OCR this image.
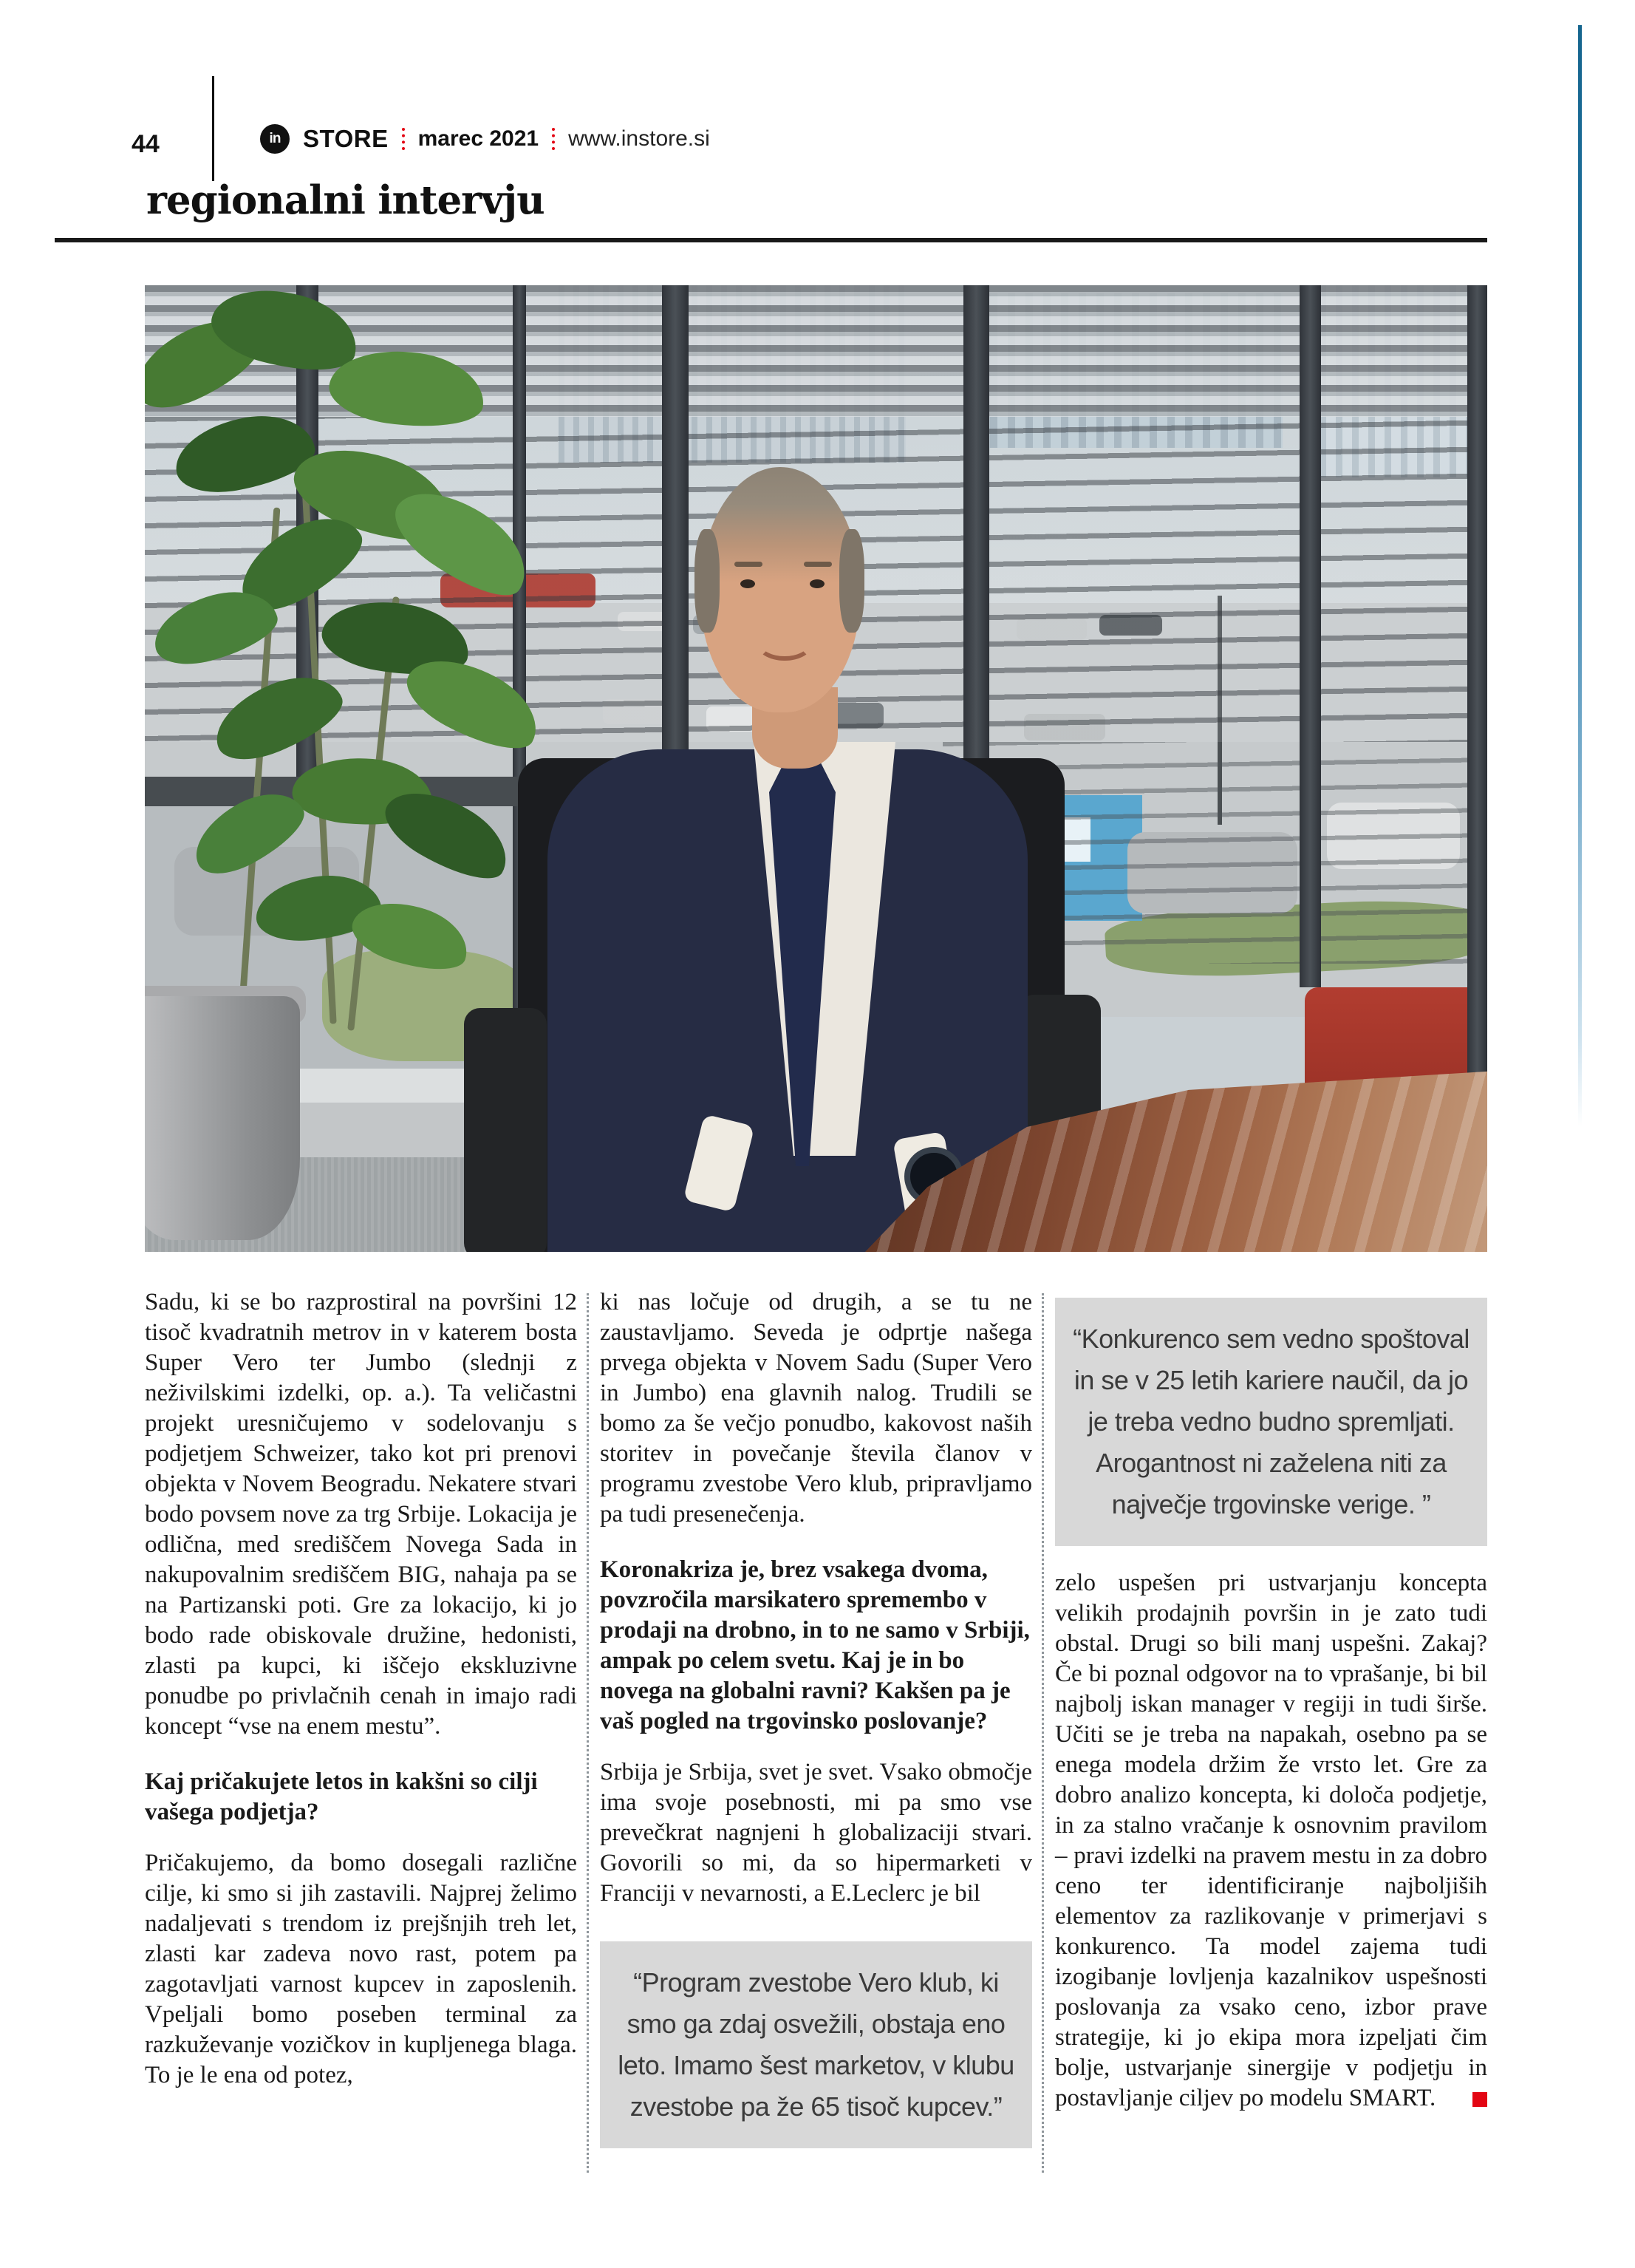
44	in STORE marec 2021 www.instore.si
regionalni intervju

Sadu, ki se bo razprostiral na površini 12 tisoč kvadratnih metrov in v katerem bosta Super Vero ter Jumbo (slednji z neživilskimi izdelki, op. a.). Ta veličastni projekt uresničujemo v sodelovanju s podjetjem Schweizer, tako kot pri prenovi objekta v Novem Beogradu. Nekatere stvari bodo povsem nove za trg Srbije. Lokacija je odlična, med središčem Novega Sada in nakupovalnim središčem BIG, nahaja pa se na Partizanski poti. Gre za lokacijo, ki jo bodo rade obiskovale družine, hedonisti, zlasti pa kupci, ki iščejo ekskluzivne ponudbe po privlačnih cenah in imajo radi koncept “vse na enem mestu”.

Kaj pričakujete letos in kakšni so cilji vašega podjetja?

Pričakujemo, da bomo dosegali različne cilje, ki smo si jih zastavili. Najprej želimo nadaljevati s trendom iz prejšnjih treh let, zlasti kar zadeva novo rast, potem pa zagotavljati varnost kupcev in zaposlenih. Vpeljali bomo poseben terminal za razkuževanje vozičkov in kupljenega blaga. To je le ena od potez,

ki nas ločuje od drugih, a se tu ne zaustavljamo. Seveda je odprtje našega prvega objekta v Novem Sadu (Super Vero in Jumbo) ena glavnih nalog. Trudili se bomo za še večjo ponudbo, kakovost naših storitev in povečanje števila članov v programu zvestobe Vero klub, pripravljamo pa tudi presenečenja.

Koronakriza je, brez vsakega dvoma, povzročila marsikatero spremembo v prodaji na drobno, in to ne samo v Srbiji, ampak po celem svetu. Kaj je in bo novega na globalni ravni? Kakšen pa je vaš pogled na trgovinsko poslovanje?

Srbija je Srbija, svet je svet. Vsako območje ima svoje posebnosti, mi pa smo vse prevečkrat nagnjeni h globalizaciji stvari. Govorili so mi, da so hipermarketi v Franciji v nevarnosti, a E.Leclerc je bil

“Program zvestobe Vero klub, ki smo ga zdaj osvežili, obstaja eno leto. Imamo šest marketov, v klubu zvestobe pa že 65 tisoč kupcev.”
“Konkurenco sem vedno spoštoval in se v 25 letih kariere naučil, da jo je treba vedno budno spremljati. Arogantnost ni zaželena niti za največje trgovinske verige. ”

zelo uspešen pri ustvarjanju koncepta velikih prodajnih površin in je zato tudi obstal. Drugi so bili manj uspešni. Zakaj? Če bi poznal odgovor na to vprašanje, bi bil najbolj iskan manager v regiji in tudi širše. Učiti se je treba na napakah, osebno pa se enega modela držim že vrsto let. Gre za dobro analizo koncepta, ki določa podjetje, in za stalno vračanje k osnovnim pravilom – pravi izdelki na pravem mestu in za dobro ceno ter identificiranje najboljiših elementov za razlikovanje v primerjavi s konkurenco. Ta model zajema tudi izogibanje lovljenja kazalnikov uspešnosti poslovanja za vsako ceno, izbor prave strategije, ki jo ekipa mora izpeljati čim bolje, ustvarjanje sinergije v podjetju in postavljanje ciljev po modelu SMART.
